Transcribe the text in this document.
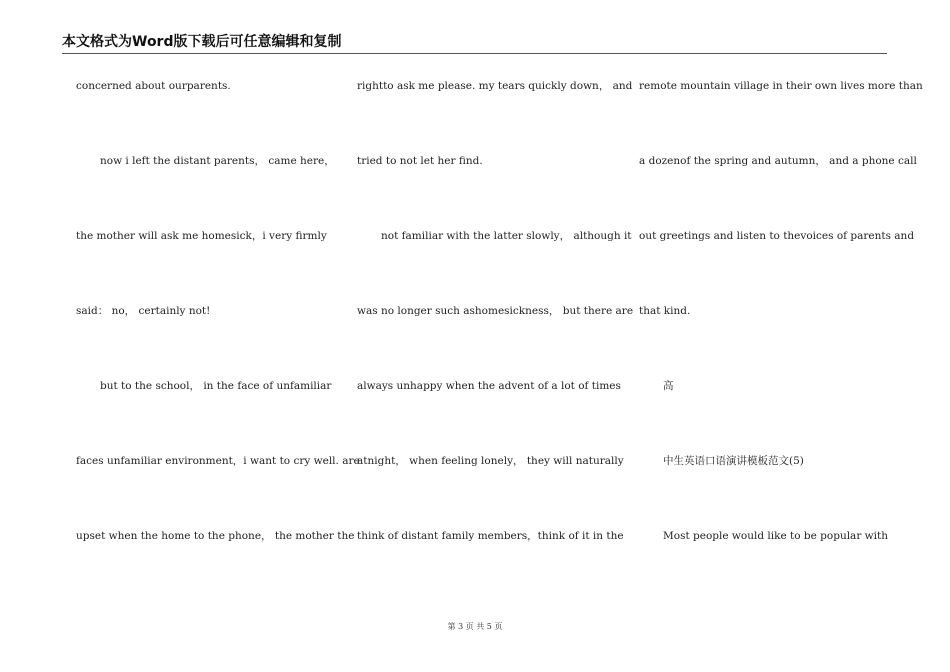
本文格式为Word版下载后可任意编辑和复制
concerned about ourparents.
now i left the distant parents， came here，
the mother will ask me homesick，i very firmly
said： no， certainly not!
but to the school， in the face of unfamiliar
faces unfamiliar environment，i want to cry well. are
upset when the home to the phone， the mother the
rightto ask me please. my tears quickly down， and
tried to not let her find.
not familiar with the latter slowly， although it
was no longer such ashomesickness， but there are
always unhappy when the advent of a lot of times
atnight， when feeling lonely， they will naturally
think of distant family members，think of it in the
remote mountain village in their own lives more than
a dozenof the spring and autumn， and a phone call
out greetings and listen to thevoices of parents and
that kind.
高
中生英语口语演讲模板范文(5)
Most people would like to be popular with
第 3 页 共 5 页
